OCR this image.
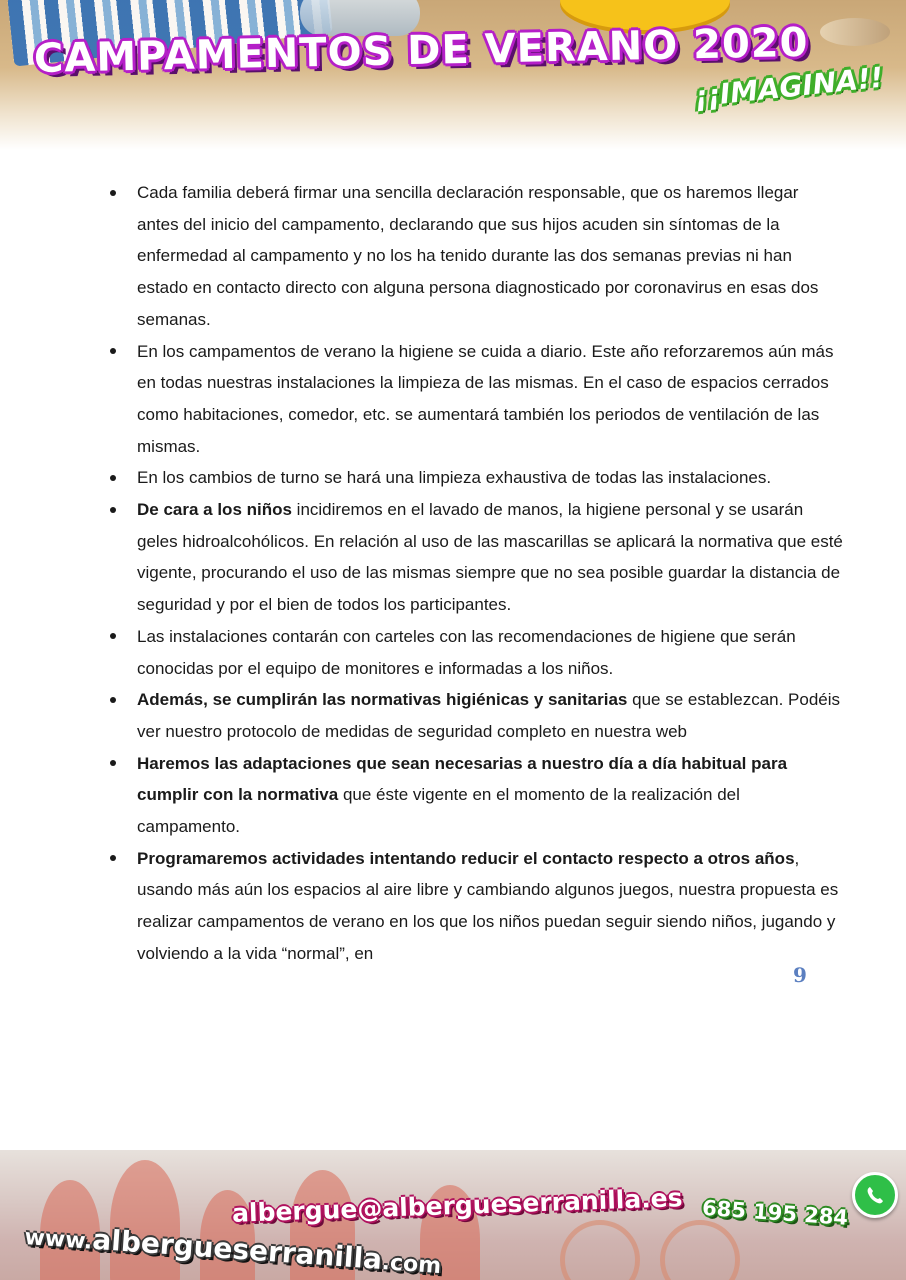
CAMPAMENTOS DE VERANO 2020
¡¡IMAGINA!!
Cada familia deberá firmar una sencilla declaración responsable, que os haremos llegar antes del inicio del campamento, declarando que sus hijos acuden sin síntomas de la enfermedad al campamento y no los ha tenido durante las dos semanas previas ni han estado en contacto directo con alguna persona diagnosticado por coronavirus en esas dos semanas.
En los campamentos de verano la higiene se cuida a diario. Este año reforzaremos aún más en todas nuestras instalaciones la limpieza de las mismas. En el caso de espacios cerrados como habitaciones, comedor, etc. se aumentará también los periodos de ventilación de las mismas.
En los cambios de turno se hará una limpieza exhaustiva de todas las instalaciones.
De cara a los niños incidiremos en el lavado de manos, la higiene personal y se usarán geles hidroalcohólicos. En relación al uso de las mascarillas se aplicará la normativa que esté vigente, procurando el uso de las mismas siempre que no sea posible guardar la distancia de seguridad y por el bien de todos los participantes.
Las instalaciones contarán con carteles con las recomendaciones de higiene que serán conocidas por el equipo de monitores e informadas a los niños.
Además, se cumplirán las normativas higiénicas y sanitarias que se establezcan. Podéis ver nuestro protocolo de medidas de seguridad completo en nuestra web
Haremos las adaptaciones que sean necesarias a nuestro día a día habitual para cumplir con la normativa que éste vigente en el momento de la realización del campamento.
Programaremos actividades intentando reducir el contacto respecto a otros años, usando más aún los espacios al aire libre y cambiando algunos juegos, nuestra propuesta es realizar campamentos de verano en los que los niños puedan seguir siendo niños, jugando y volviendo a la vida “normal”, en
9
albergue@albergueserranilla.es 685 195 284
www.albergueserranilla.com
